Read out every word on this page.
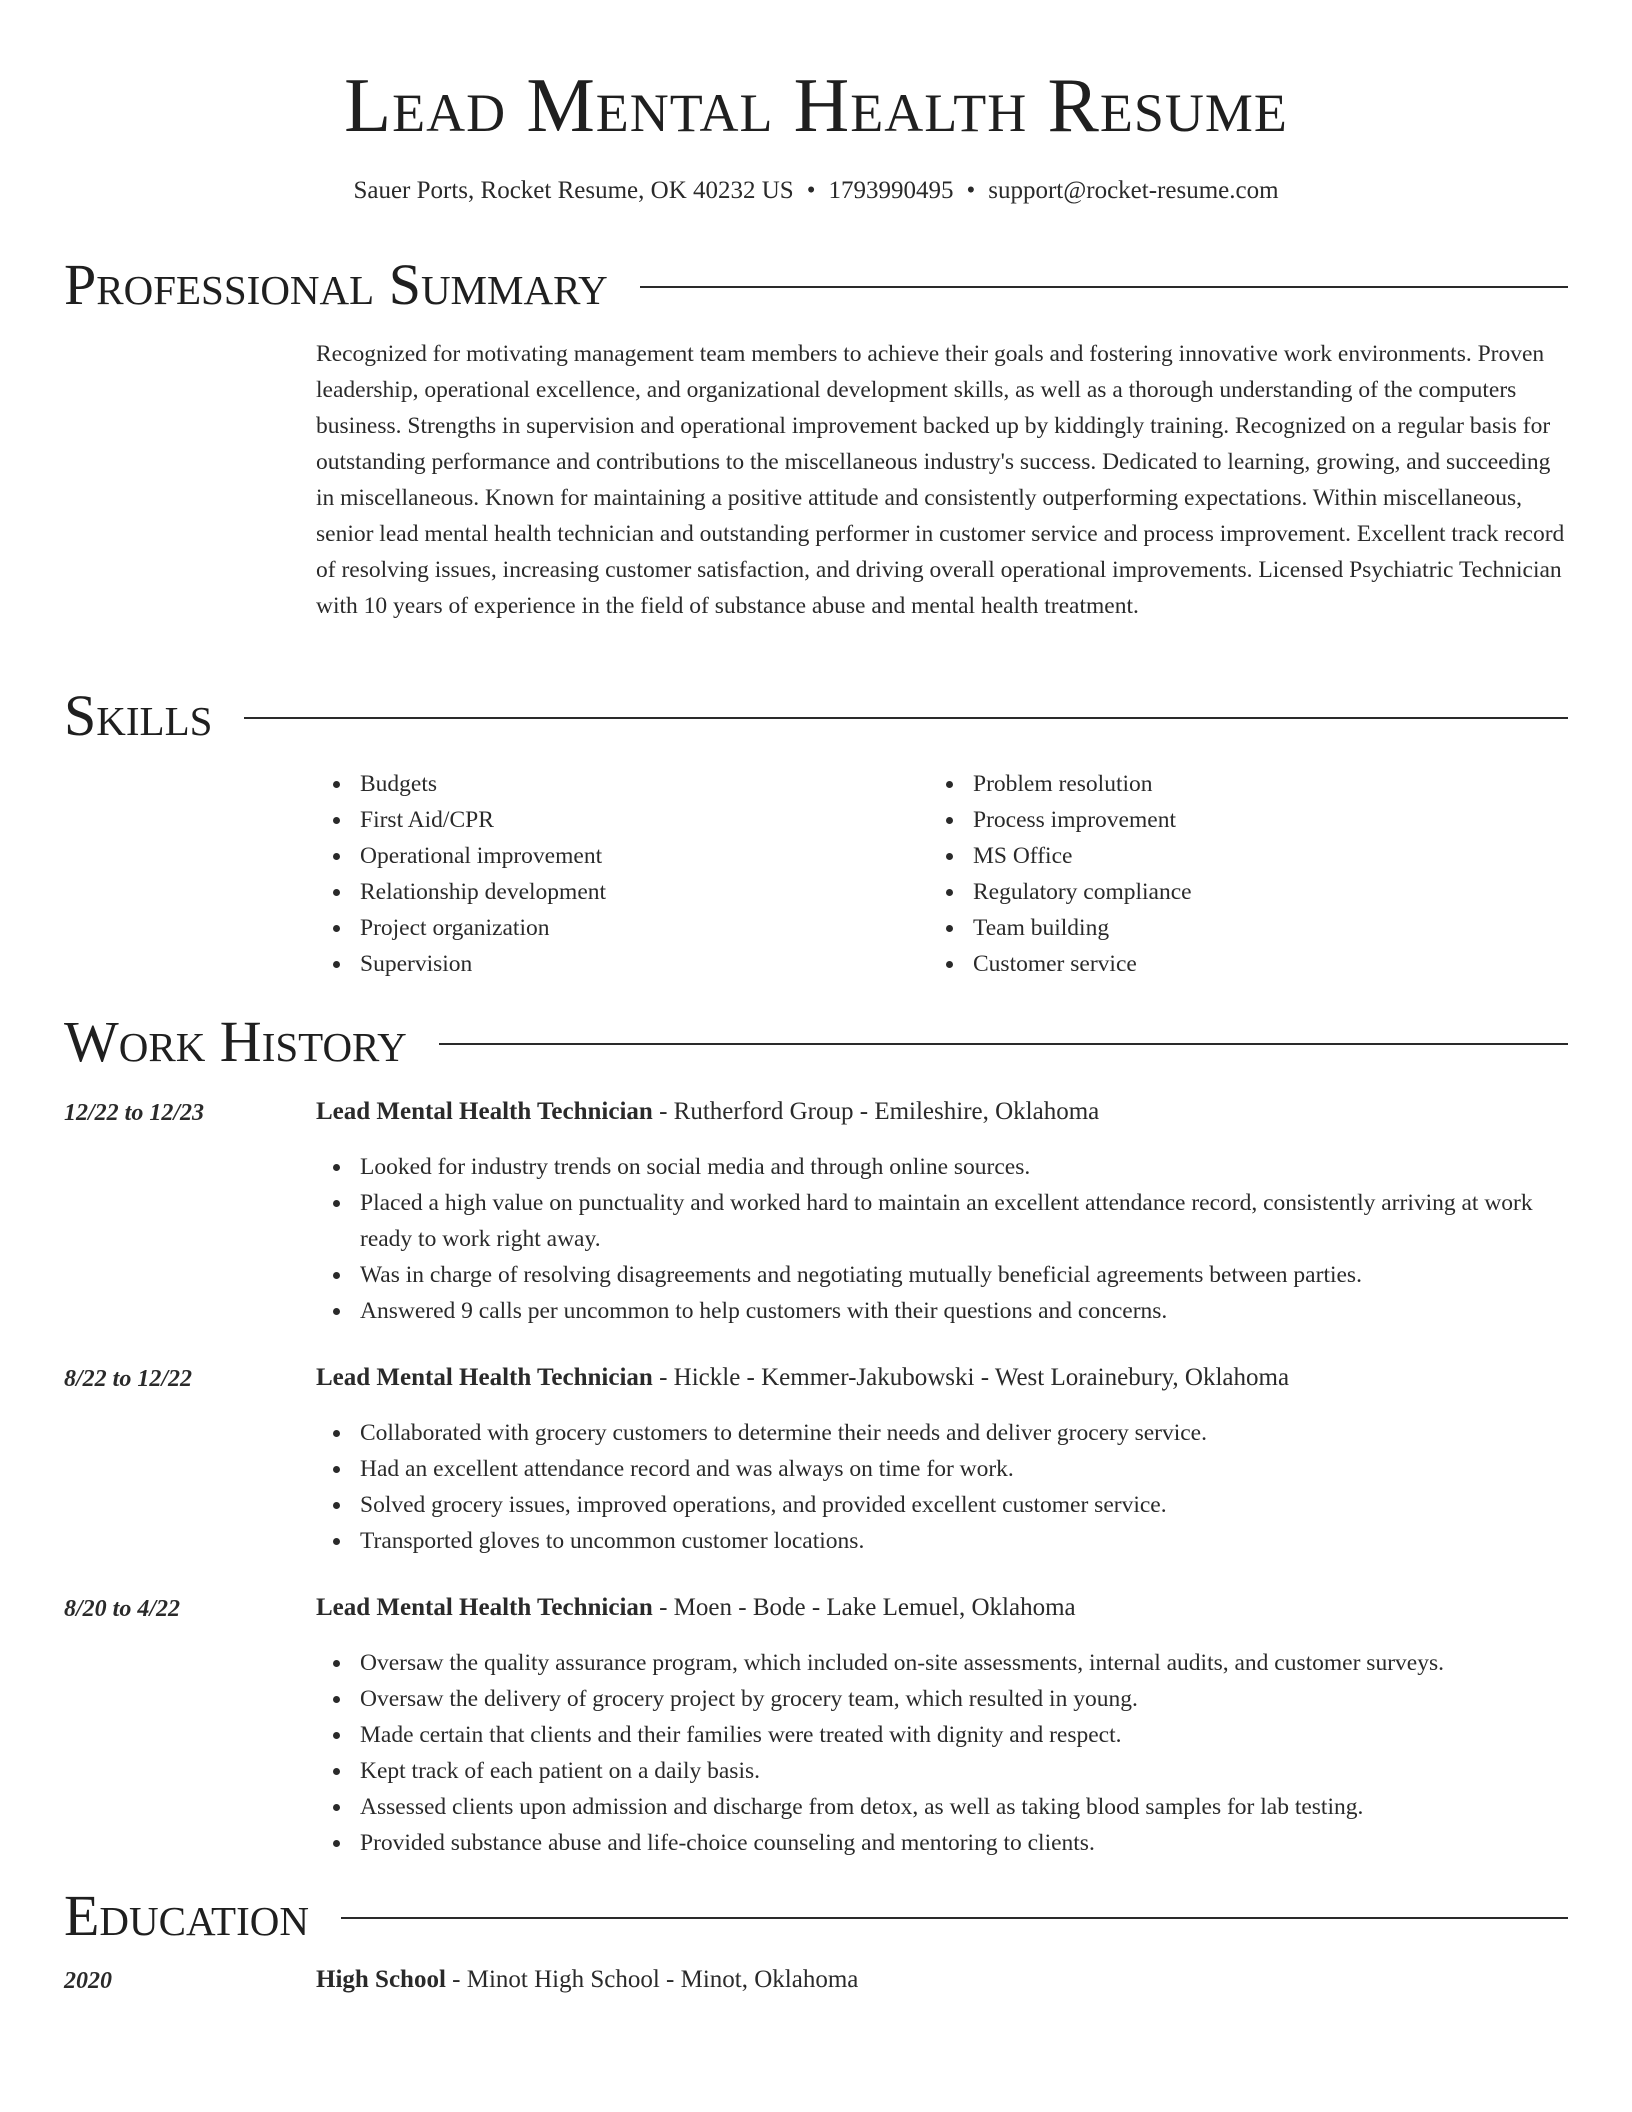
Lead Mental Health Resume
Sauer Ports, Rocket Resume, OK 40232 US • 1793990495 • support@rocket-resume.com
Professional Summary

Recognized for motivating management team members to achieve their goals and fostering innovative work environments. Proven leadership, operational excellence, and organizational development skills, as well as a thorough understanding of the computers business. Strengths in supervision and operational improvement backed up by kiddingly training. Recognized on a regular basis for outstanding performance and contributions to the miscellaneous industry's success. Dedicated to learning, growing, and succeeding in miscellaneous. Known for maintaining a positive attitude and consistently outperforming expectations. Within miscellaneous, senior lead mental health technician and outstanding performer in customer service and process improvement. Excellent track record of resolving issues, increasing customer satisfaction, and driving overall operational improvements. Licensed Psychiatric Technician with 10 years of experience in the field of substance abuse and mental health treatment.

Skills
Budgets
First Aid/CPR
Operational improvement
Relationship development
Project organization
Supervision
Problem resolution
Process improvement
MS Office
Regulatory compliance
Team building
Customer service
Work History
12/22 to 12/23	Lead Mental Health Technician - Rutherford Group - Emileshire, Oklahoma
Looked for industry trends on social media and through online sources.
Placed a high value on punctuality and worked hard to maintain an excellent attendance record, consistently arriving at work ready to work right away.
Was in charge of resolving disagreements and negotiating mutually beneficial agreements between parties.
Answered 9 calls per uncommon to help customers with their questions and concerns.
8/22 to 12/22	Lead Mental Health Technician - Hickle - Kemmer-Jakubowski - West Lorainebury, Oklahoma
Collaborated with grocery customers to determine their needs and deliver grocery service.
Had an excellent attendance record and was always on time for work.
Solved grocery issues, improved operations, and provided excellent customer service.
Transported gloves to uncommon customer locations.
8/20 to 4/22	Lead Mental Health Technician - Moen - Bode - Lake Lemuel, Oklahoma
Oversaw the quality assurance program, which included on-site assessments, internal audits, and customer surveys.
Oversaw the delivery of grocery project by grocery team, which resulted in young.
Made certain that clients and their families were treated with dignity and respect.
Kept track of each patient on a daily basis.
Assessed clients upon admission and discharge from detox, as well as taking blood samples for lab testing.
Provided substance abuse and life-choice counseling and mentoring to clients.
Education
2020	High School - Minot High School - Minot, Oklahoma
